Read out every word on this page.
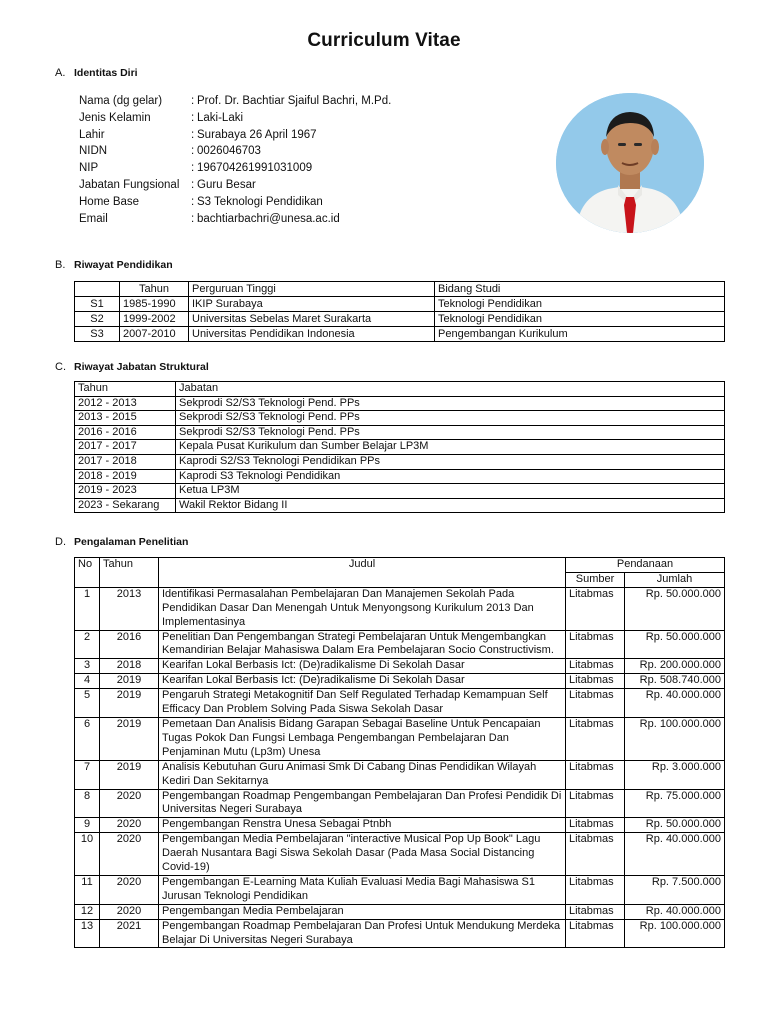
Curriculum Vitae
A. Identitas Diri
Nama (dg gelar)	: Prof. Dr. Bachtiar Sjaiful Bachri, M.Pd.
Jenis Kelamin	: Laki-Laki
Lahir	: Surabaya 26 April 1967
NIDN	: 0026046703
NIP	: 196704261991031009
Jabatan Fungsional	: Guru Besar
Home Base	: S3 Teknologi Pendidikan
Email	: bachtiarbachri@unesa.ac.id
B. Riwayat Pendidikan
	Tahun	Perguruan Tinggi	Bidang Studi
S1	1985-1990	IKIP Surabaya	Teknologi Pendidikan
S2	1999-2002	Universitas Sebelas Maret Surakarta	Teknologi Pendidikan
S3	2007-2010	Universitas Pendidikan Indonesia	Pengembangan Kurikulum
C. Riwayat Jabatan Struktural
Tahun	Jabatan
2012 - 2013	Sekprodi S2/S3 Teknologi Pend. PPs
2013 - 2015	Sekprodi S2/S3 Teknologi Pend. PPs
2016 - 2016	Sekprodi S2/S3 Teknologi Pend. PPs
2017 - 2017	Kepala Pusat Kurikulum dan Sumber Belajar LP3M
2017 - 2018	Kaprodi S2/S3 Teknologi Pendidikan PPs
2018 - 2019	Kaprodi S3 Teknologi Pendidikan
2019 - 2023	Ketua LP3M
2023 - Sekarang	Wakil Rektor Bidang II
D. Pengalaman Penelitian
No	Tahun	Judul	Pendanaan	
			Sumber	Jumlah
1	2013	Identifikasi Permasalahan Pembelajaran Dan Manajemen Sekolah Pada Pendidikan Dasar Dan Menengah Untuk Menyongsong Kurikulum 2013 Dan Implementasinya	Litabmas	Rp. 50.000.000
2	2016	Penelitian Dan Pengembangan Strategi Pembelajaran Untuk Mengembangkan Kemandirian Belajar Mahasiswa Dalam Era Pembelajaran Socio Constructivism.	Litabmas	Rp. 50.000.000
3	2018	Kearifan Lokal Berbasis Ict: (De)radikalisme Di Sekolah Dasar	Litabmas	Rp. 200.000.000
4	2019	Kearifan Lokal Berbasis Ict: (De)radikalisme Di Sekolah Dasar	Litabmas	Rp. 508.740.000
5	2019	Pengaruh Strategi Metakognitif Dan Self Regulated Terhadap Kemampuan Self Efficacy Dan Problem Solving Pada Siswa Sekolah Dasar	Litabmas	Rp. 40.000.000
6	2019	Pemetaan Dan Analisis Bidang Garapan Sebagai Baseline Untuk Pencapaian Tugas Pokok Dan Fungsi Lembaga Pengembangan Pembelajaran Dan Penjaminan Mutu (Lp3m) Unesa	Litabmas	Rp. 100.000.000
7	2019	Analisis Kebutuhan Guru Animasi Smk Di Cabang Dinas Pendidikan Wilayah Kediri Dan Sekitarnya	Litabmas	Rp. 3.000.000
8	2020	Pengembangan Roadmap Pengembangan Pembelajaran Dan Profesi Pendidik Di Universitas Negeri Surabaya	Litabmas	Rp. 75.000.000
9	2020	Pengembangan Renstra Unesa Sebagai Ptnbh	Litabmas	Rp. 50.000.000
10	2020	Pengembangan Media Pembelajaran "interactive Musical Pop Up Book" Lagu Daerah Nusantara Bagi Siswa Sekolah Dasar (Pada Masa Social Distancing Covid-19)	Litabmas	Rp. 40.000.000
11	2020	Pengembangan E-Learning Mata Kuliah Evaluasi Media Bagi Mahasiswa S1 Jurusan Teknologi Pendidikan	Litabmas	Rp. 7.500.000
12	2020	Pengembangan Media Pembelajaran	Litabmas	Rp. 40.000.000
13	2021	Pengembangan Roadmap Pembelajaran Dan Profesi Untuk Mendukung Merdeka Belajar Di Universitas Negeri Surabaya	Litabmas	Rp. 100.000.000
